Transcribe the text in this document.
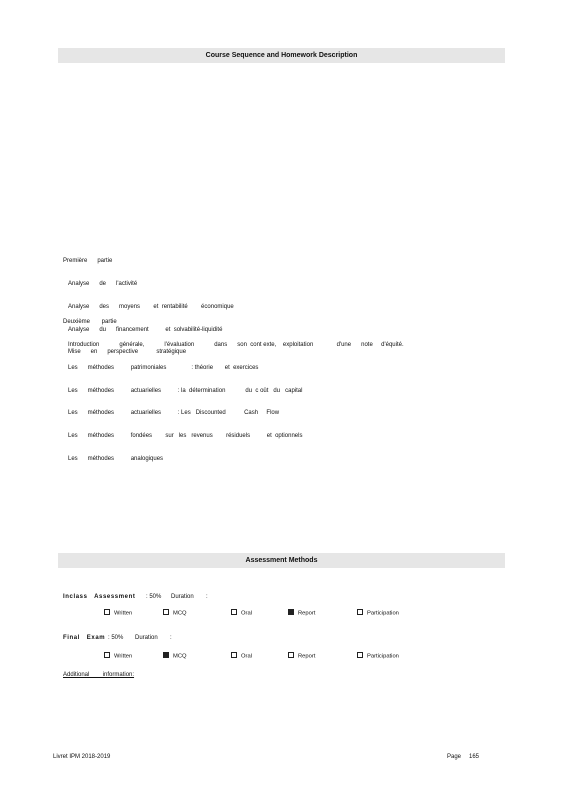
Course Sequence and Homework Description

Première      partie

Analyse      de      l'activité

Analyse      des      moyens        et  rentabilité        économique

Analyse      du      financement          et  solvabilité-liquidité

Mise      en      perspective           stratégique

Deuxième       partie

Introduction            générale,            l'évaluation            dans      son  cont exte,    exploitation              d'une      note     d'équité.

Les      méthodes          patrimoniales               : théorie       et  exercices

Les      méthodes          actuarielles          : la  détermination            du  c oût   du   capital

Les      méthodes          actuarielles          : Les   Discounted           Cash     Flow

Les      méthodes          fondées        sur   les   revenus        résiduels          et  optionnels

Les      méthodes          analogiques

Assessment Methods
Inclass   Assessment : 50% Duration :
Written	MCQ	Oral	Report	Participation
Final   Exam : 50% Duration :
Written	MCQ	Oral	Report	Participation
Additional        information:
Livret IPM 2018-2019	Page 165
